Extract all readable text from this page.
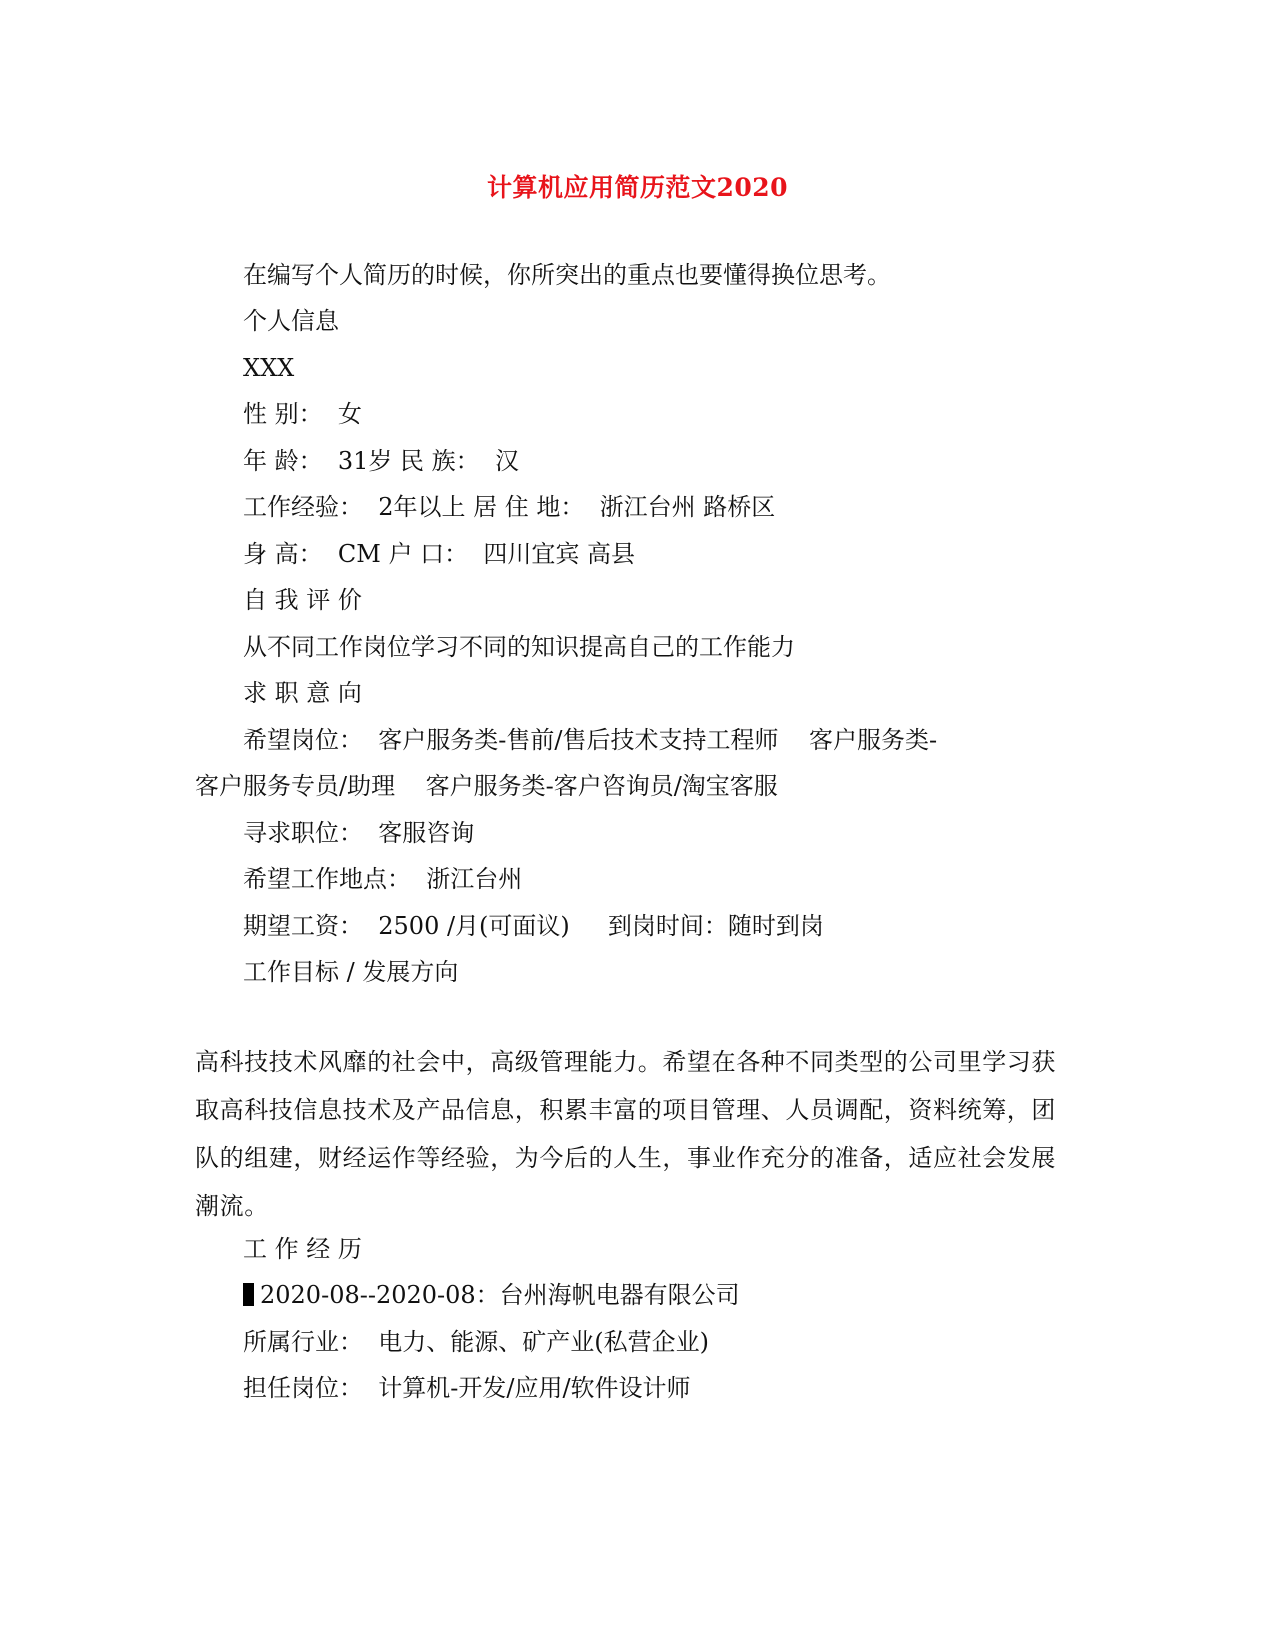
计算机应用简历范文2020
在编写个人简历的时候，你所突出的重点也要懂得换位思考。
个人信息
XXX
性 别：  女
年 龄：  31岁 民 族：  汉
工作经验：  2年以上 居 住 地：  浙江台州 路桥区
身 高：  CM 户 口：  四川宜宾 高县
自 我 评 价
从不同工作岗位学习不同的知识提高自己的工作能力
求 职 意 向
希望岗位：  客户服务类-售前/售后技术支持工程师    客户服务类-
客户服务专员/助理    客户服务类-客户咨询员/淘宝客服
寻求职位：  客服咨询
希望工作地点：  浙江台州
期望工资：  2500 /月(可面议)     到岗时间：随时到岗
工作目标 / 发展方向
高科技技术风靡的社会中，高级管理能力。希望在各种不同类型的公司里学习获取高科技信息技术及产品信息，积累丰富的项目管理、人员调配，资料统筹，团队的组建，财经运作等经验，为今后的人生，事业作充分的准备，适应社会发展潮流。
工 作 经 历
2020-08--2020-08：台州海帆电器有限公司
所属行业：  电力、能源、矿产业(私营企业)
担任岗位：  计算机-开发/应用/软件设计师
